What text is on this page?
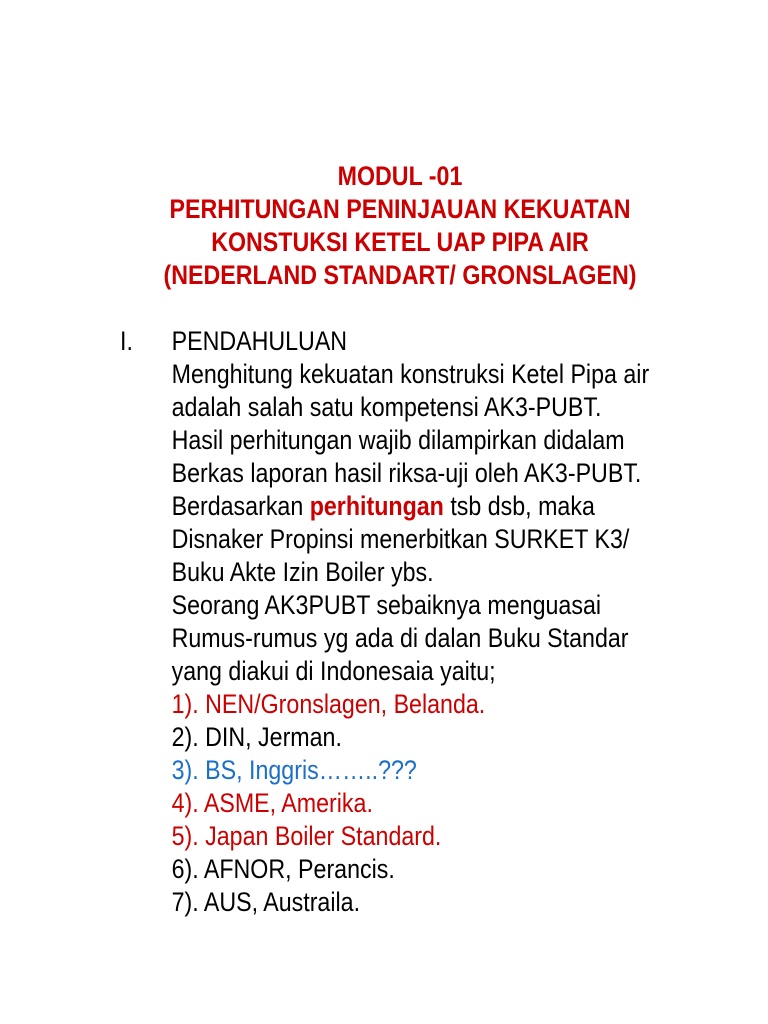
MODUL -01
PERHITUNGAN PENINJAUAN KEKUATAN
KONSTUKSI KETEL UAP PIPA AIR
(NEDERLAND STANDART/ GRONSLAGEN)
I. PENDAHULUAN
Menghitung kekuatan konstruksi Ketel Pipa air
adalah salah satu kompetensi AK3-PUBT.
Hasil perhitungan wajib dilampirkan didalam
Berkas laporan hasil riksa-uji oleh AK3-PUBT.
Berdasarkan perhitungan tsb dsb, maka
Disnaker Propinsi menerbitkan SURKET K3/
Buku Akte Izin Boiler ybs.
Seorang AK3PUBT sebaiknya menguasai
Rumus-rumus yg ada di dalan Buku Standar
yang diakui di Indonesaia yaitu;
1). NEN/Gronslagen, Belanda.
2). DIN, Jerman.
3). BS, Inggris……..???
4). ASME, Amerika.
5). Japan Boiler Standard.
6). AFNOR, Perancis.
7). AUS, Austraila.
